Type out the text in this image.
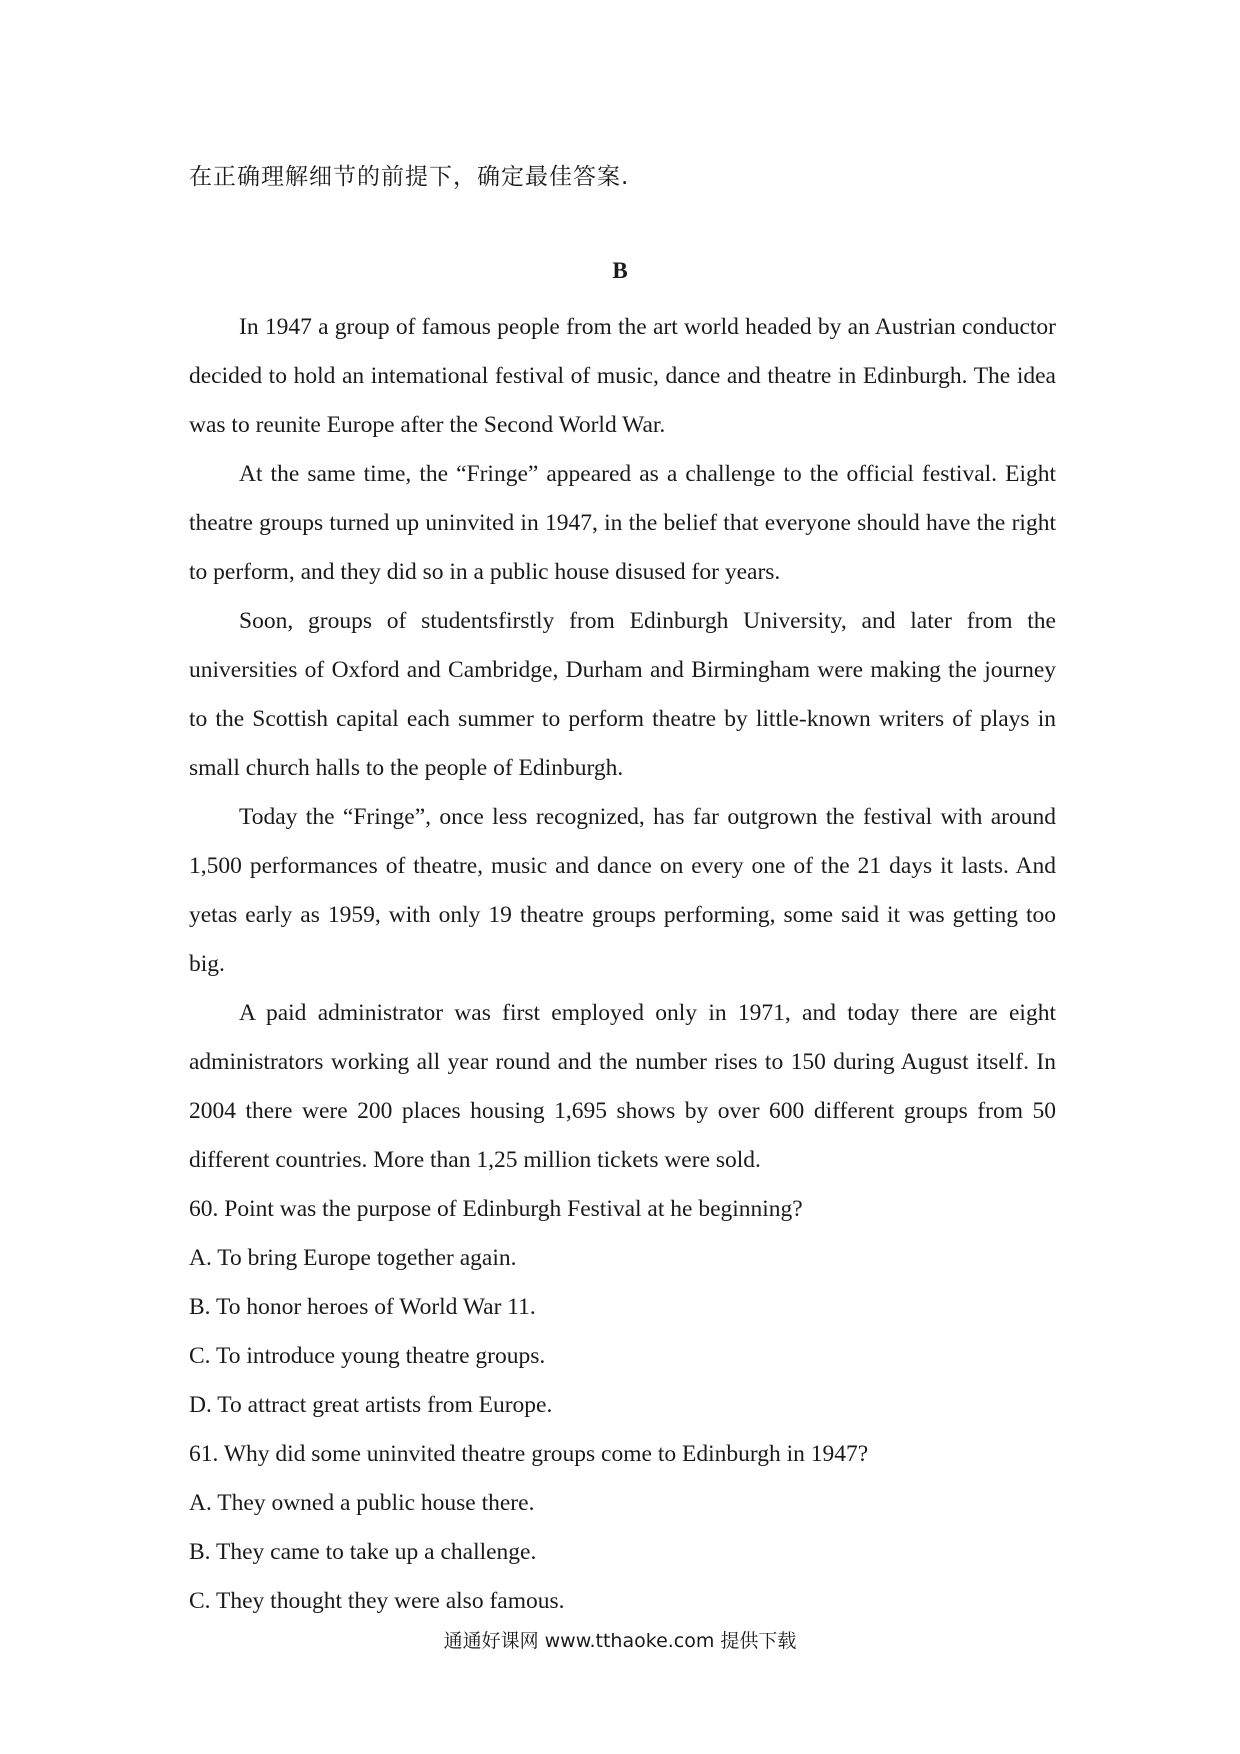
在正确理解细节的前提下，确定最佳答案.
B

In 1947 a group of famous people from the art world headed by an Austrian conductor decided to hold an intemational festival of music, dance and theatre in Edinburgh. The idea was to reunite Europe after the Second World War.

At the same time, the “Fringe” appeared as a challenge to the official festival. Eight theatre groups turned up uninvited in 1947, in the belief that everyone should have the right to perform, and they did so in a public house disused for years.

Soon, groups of studentsfirstly from Edinburgh University, and later from the universities of Oxford and Cambridge, Durham and Birmingham were making the journey to the Scottish capital each summer to perform theatre by little-known writers of plays in small church halls to the people of Edinburgh.

Today the “Fringe”, once less recognized, has far outgrown the festival with around 1,500 performances of theatre, music and dance on every one of the 21 days it lasts. And yetas early as 1959, with only 19 theatre groups performing, some said it was getting too big.

A paid administrator was first employed only in 1971, and today there are eight administrators working all year round and the number rises to 150 during August itself. In 2004 there were 200 places housing 1,695 shows by over 600 different groups from 50 different countries. More than 1,25 million tickets were sold.

60. Point was the purpose of Edinburgh Festival at he beginning?
A. To bring Europe together again.
B. To honor heroes of World War 11.
C. To introduce young theatre groups.
D. To attract great artists from Europe.
61. Why did some uninvited theatre groups come to Edinburgh in 1947?
A. They owned a public house there.
B. They came to take up a challenge.
C. They thought they were also famous.
通通好课网 www.tthaoke.com 提供下载
